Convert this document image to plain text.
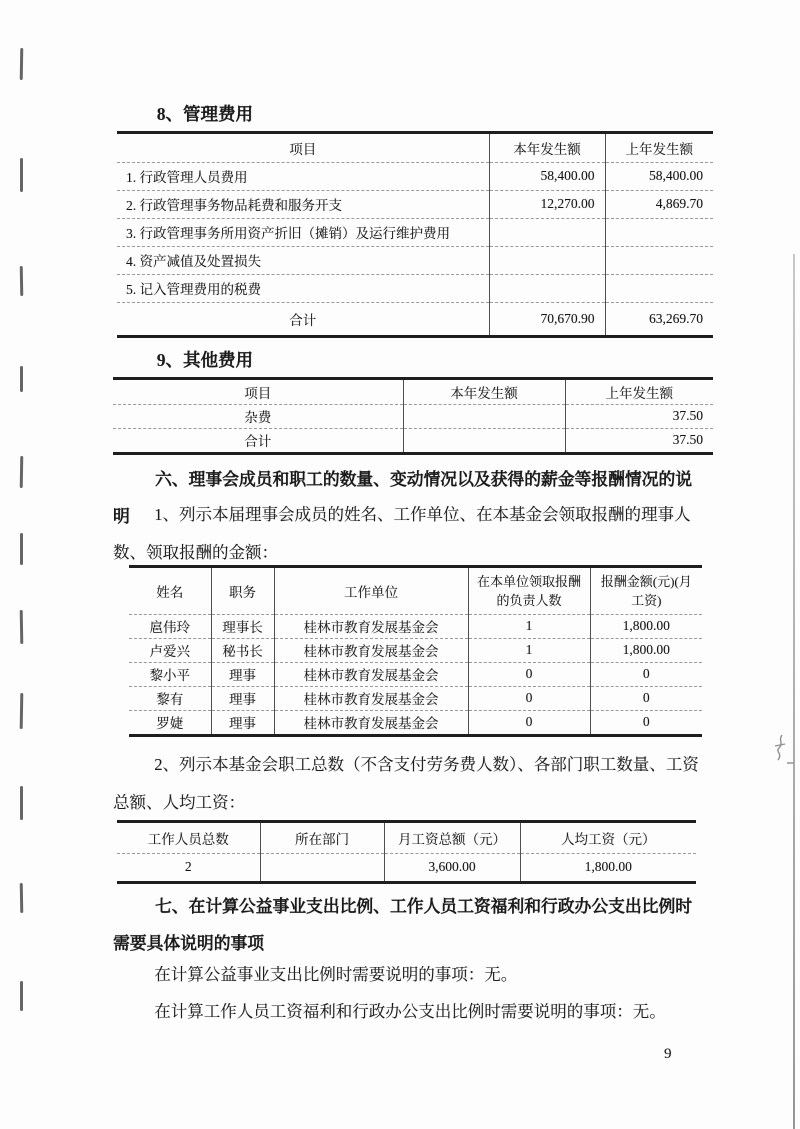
8、管理费用
项目	本年发生额	上年发生额
1. 行政管理人员费用	58,400.00	58,400.00
2. 行政管理事务物品耗费和服务开支	12,270.00	4,869.70
3. 行政管理事务所用资产折旧（摊销）及运行维护费用		
4. 资产减值及处置损失		
5. 记入管理费用的税费		
合计	70,670.90	63,269.70
9、其他费用
项目	本年发生额	上年发生额
杂费		37.50
合计		37.50
六、理事会成员和职工的数量、变动情况以及获得的薪金等报酬情况的说明	1、列示本届理事会成员的姓名、工作单位、在本基金会领取报酬的理事人数、领取报酬的金额：
姓名	职务	工作单位	在本单位领取报酬的负责人数	报酬金额(元)(月工资)
扈伟玲	理事长	桂林市教育发展基金会	1	1,800.00
卢爱兴	秘书长	桂林市教育发展基金会	1	1,800.00
黎小平	理事	桂林市教育发展基金会	0	0
黎有	理事	桂林市教育发展基金会	0	0
罗婕	理事	桂林市教育发展基金会	0	0
2、列示本基金会职工总数（不含支付劳务费人数）、各部门职工数量、工资总额、人均工资：
工作人员总数	所在部门	月工资总额（元）	人均工资（元）
2		3,600.00	1,800.00
七、在计算公益事业支出比例、工作人员工资福利和行政办公支出比例时需要具体说明的事项
在计算公益事业支出比例时需要说明的事项：无。
在计算工作人员工资福利和行政办公支出比例时需要说明的事项：无。
9
